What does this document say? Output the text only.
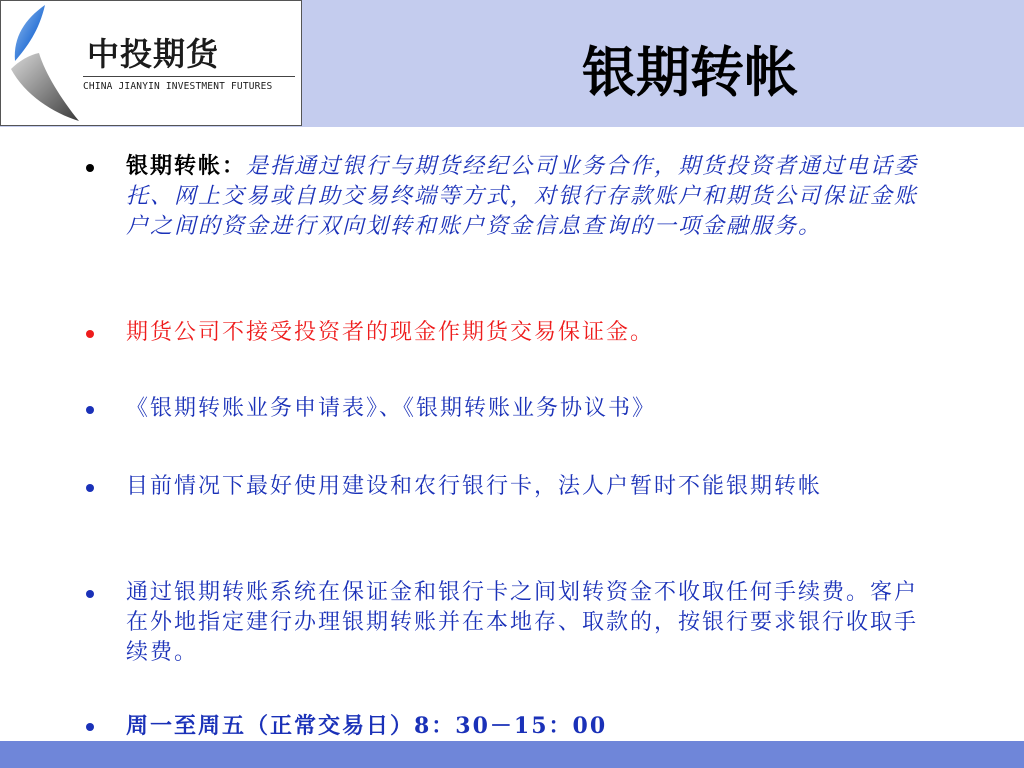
中投期货
CHINA JIANYIN INVESTMENT FUTURES	银期转帐
银期转帐：是指通过银行与期货经纪公司业务合作，期货投资者通过电话委托、网上交易或自助交易终端等方式，对银行存款账户和期货公司保证金账户之间的资金进行双向划转和账户资金信息查询的一项金融服务。
期货公司不接受投资者的现金作期货交易保证金。
《银期转账业务申请表》、《银期转账业务协议书》
目前情况下最好使用建设和农行银行卡，法人户暂时不能银期转帐
通过银期转账系统在保证金和银行卡之间划转资金不收取任何手续费。客户在外地指定建行办理银期转账并在本地存、取款的，按银行要求银行收取手续费。
周一至周五（正常交易日）8：30－15：00
